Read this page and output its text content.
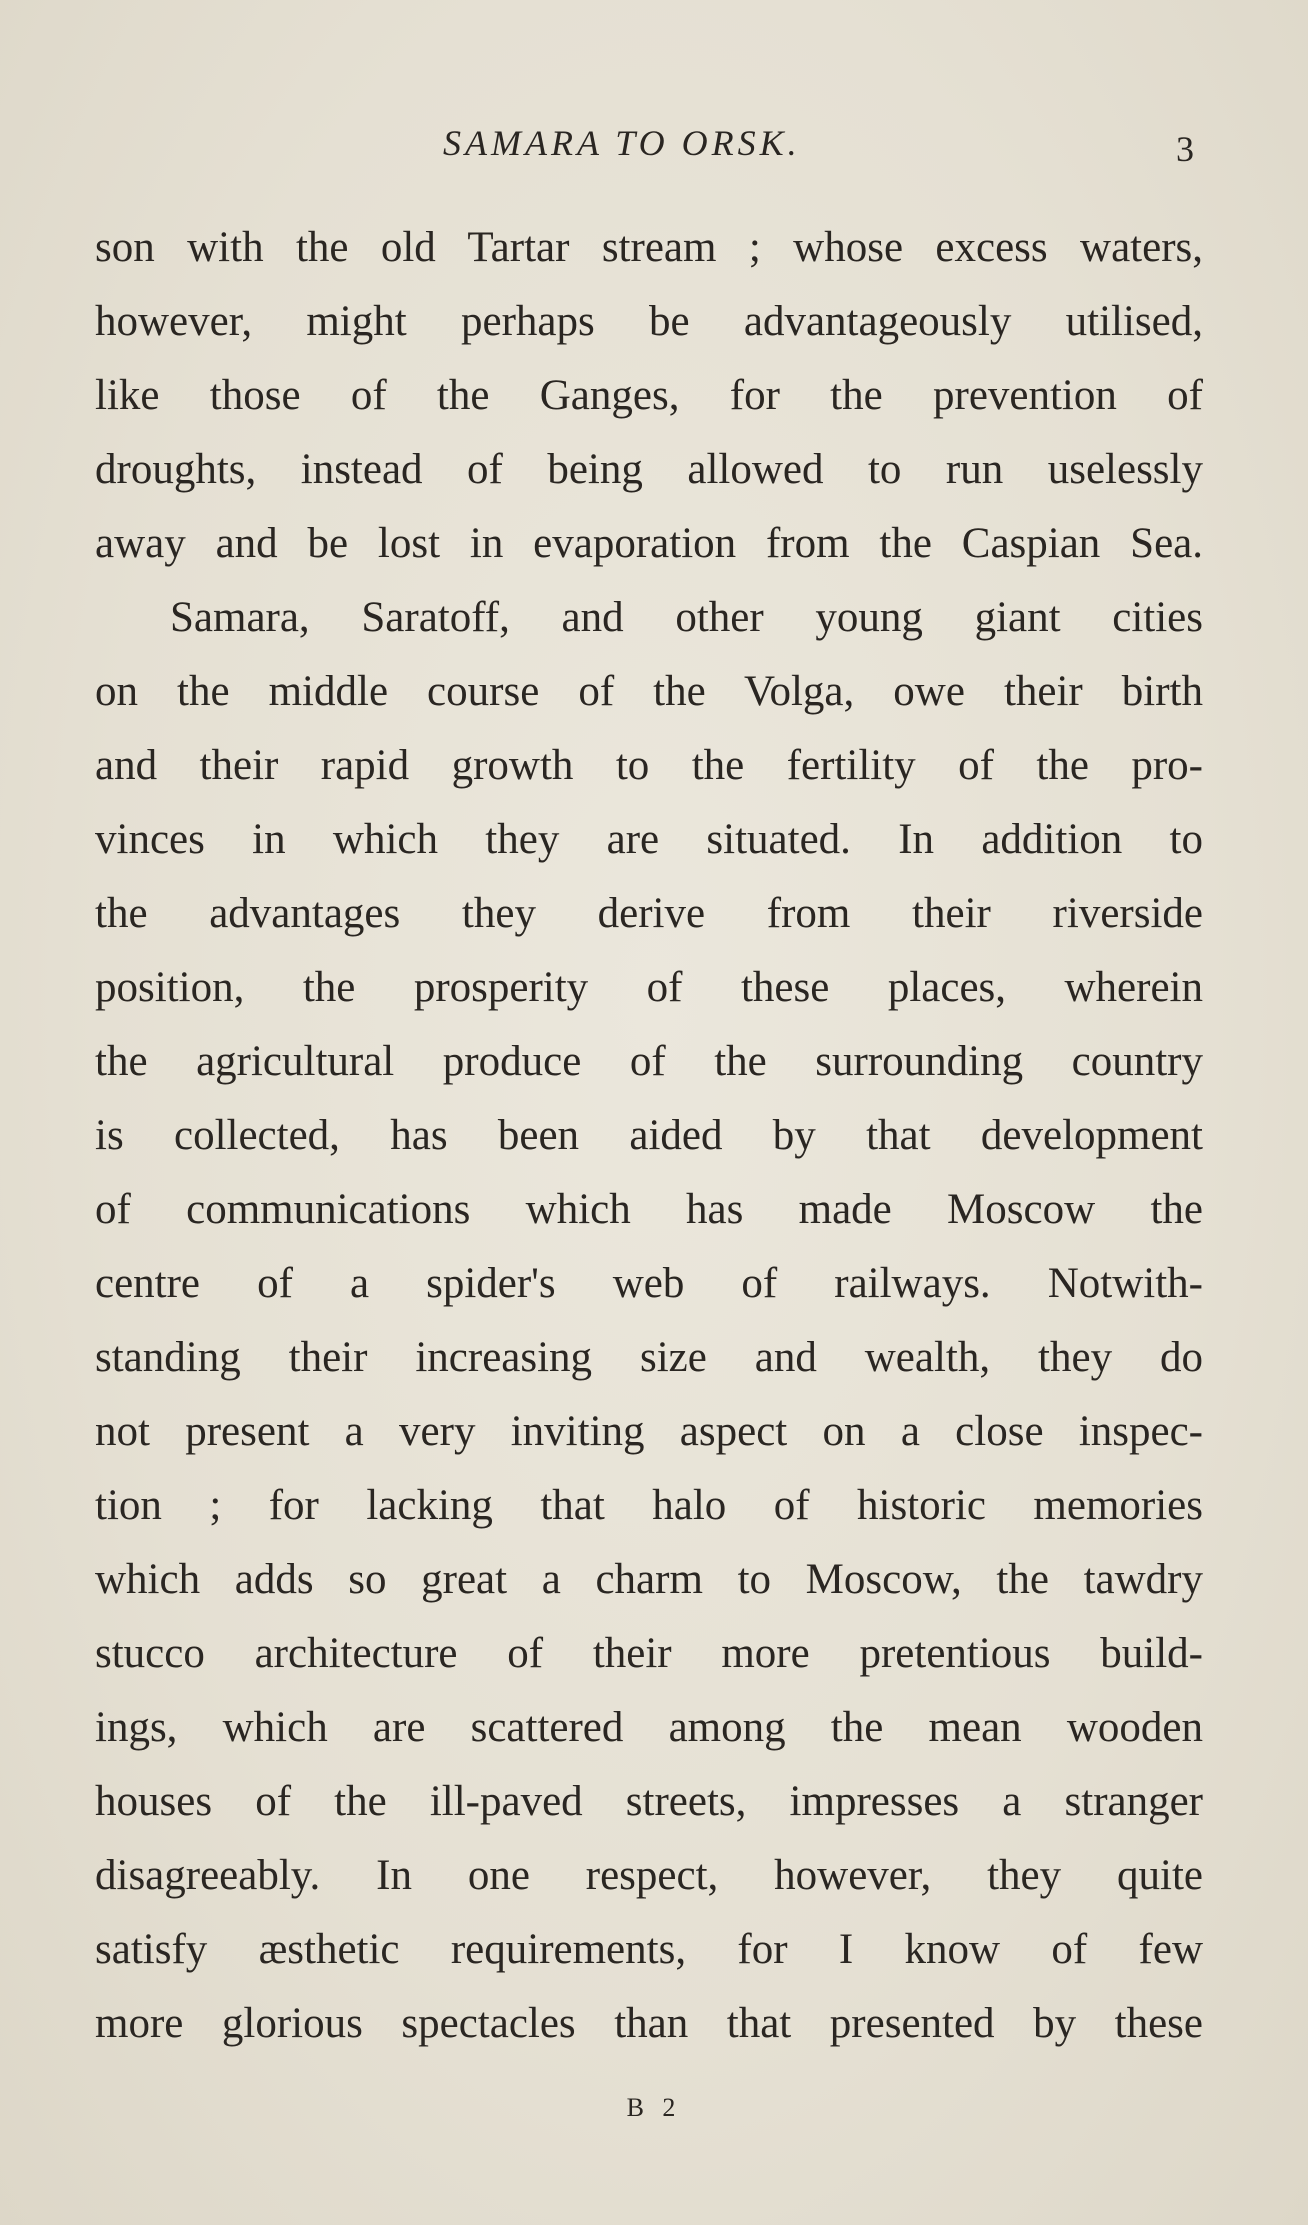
SAMARA TO ORSK.	3
son with the old Tartar stream ; whose excess waters,
however, might perhaps be advantageously utilised,
like those of the Ganges, for the prevention of
droughts, instead of being allowed to run uselessly
away and be lost in evaporation from the Caspian Sea.
Samara, Saratoff, and other young giant cities
on the middle course of the Volga, owe their birth
and their rapid growth to the fertility of the pro-
vinces in which they are situated. In addition to
the advantages they derive from their riverside
position, the prosperity of these places, wherein
the agricultural produce of the surrounding country
is collected, has been aided by that development
of communications which has made Moscow the
centre of a spider's web of railways. Notwith-
standing their increasing size and wealth, they do
not present a very inviting aspect on a close inspec-
tion ; for lacking that halo of historic memories
which adds so great a charm to Moscow, the tawdry
stucco architecture of their more pretentious build-
ings, which are scattered among the mean wooden
houses of the ill-paved streets, impresses a stranger
disagreeably. In one respect, however, they quite
satisfy æsthetic requirements, for I know of few
more glorious spectacles than that presented by these
B 2
